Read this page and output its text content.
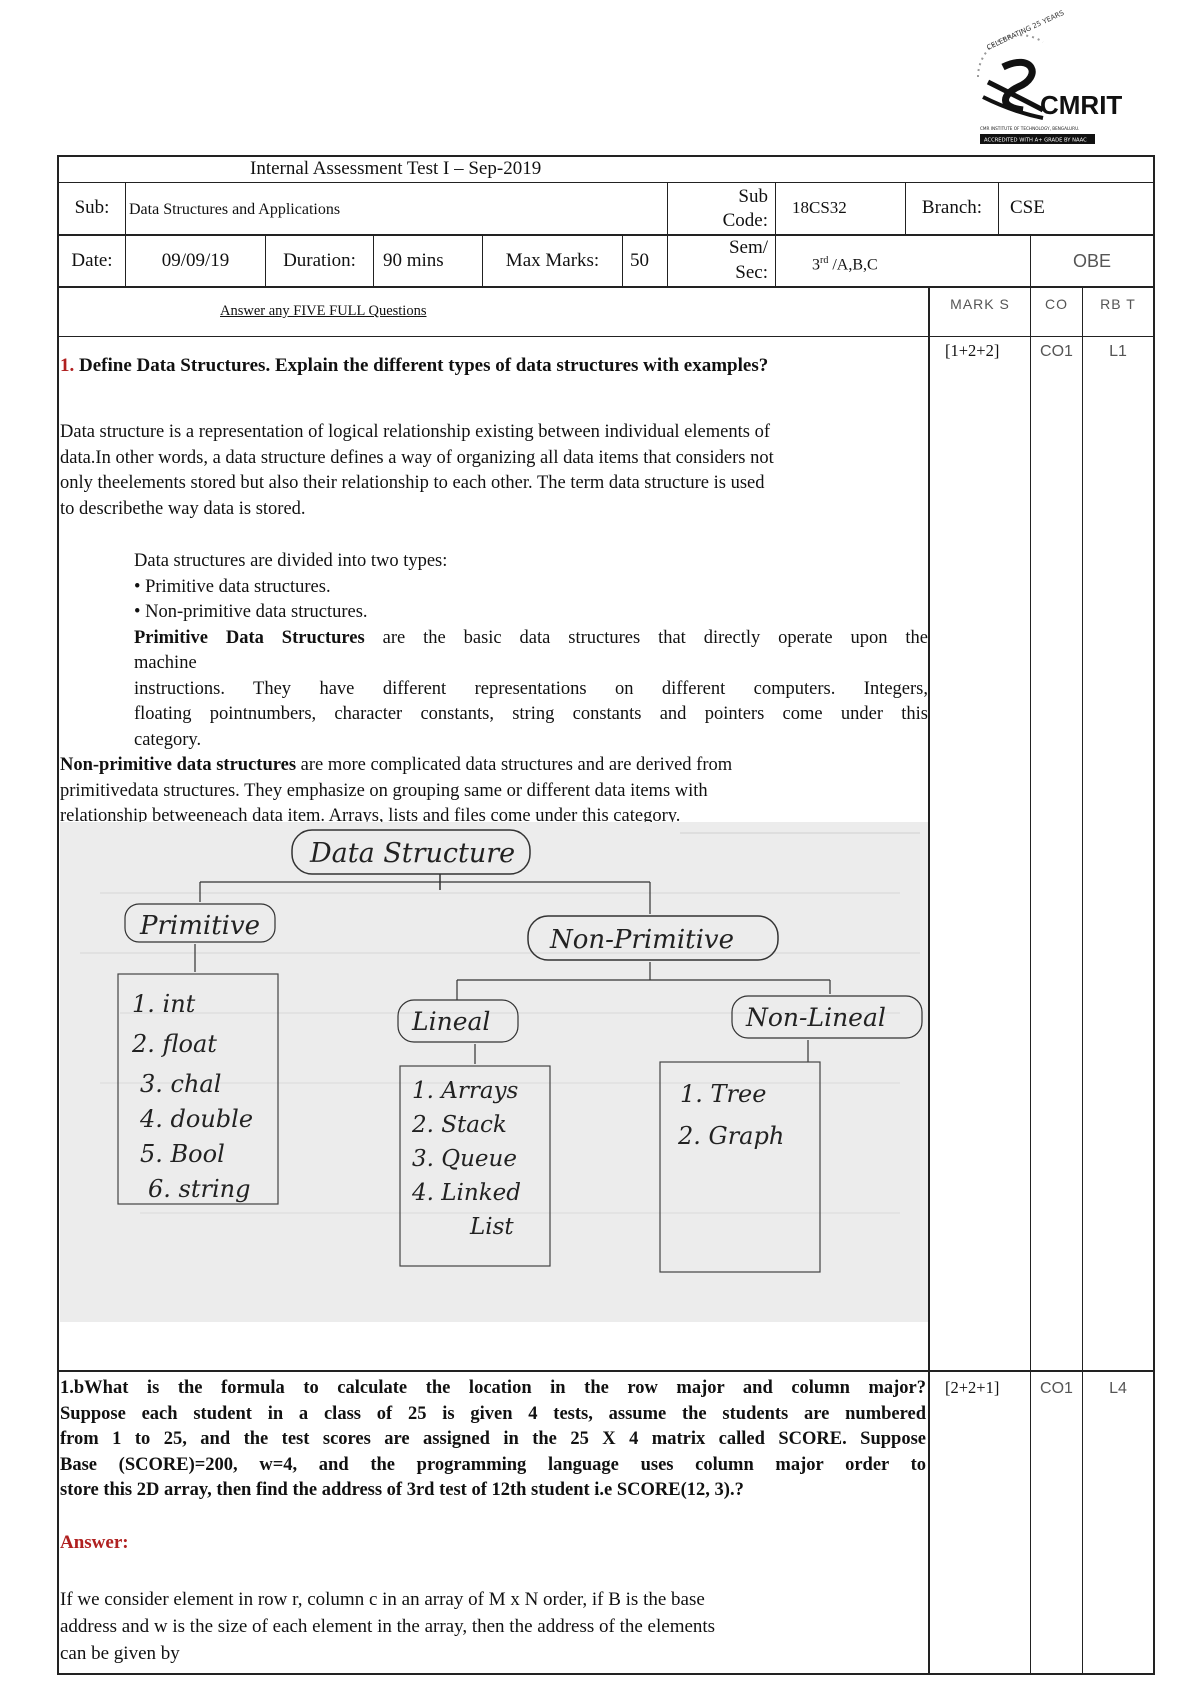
CELEBRATING 25 YEARS
CMRIT
CMR INSTITUTE OF TECHNOLOGY, BENGALURU.
ACCREDITED WITH A+ GRADE BY NAAC
Internal Assessment Test I – Sep-2019
Sub:	Data Structures and Applications
Sub
Code:
18CS32	Branch:	CSE
Date:	09/09/19	Duration:	90 mins	Max Marks:	50
Sem/
Sec:	3rd /A,B,C	OBE
Answer any FIVE FULL Questions	MARK S	CO	RB T
1. Define Data Structures. Explain the different types of data structures with examples?
[1+2+2]	CO1	L1
Data structure is a representation of logical relationship existing between individual elements of
data.In other words, a data structure defines a way of organizing all data items that considers not
only theelements stored but also their relationship to each other. The term data structure is used
to describethe way data is stored.
Data structures are divided into two types:
• Primitive data structures.
• Non-primitive data structures.
Primitive Data Structures are the basic data structures that directly operate upon the
machine
instructions. They have different representations on different computers. Integers,
floating pointnumbers, character constants, string constants and pointers come under this
category.
Non-primitive data structures are more complicated data structures and are derived from
primitivedata structures. They emphasize on grouping same or different data items with
relationship betweeneach data item. Arrays, lists and files come under this category.
Data Structure
Primitive	Non-Primitive
1. int
2. float
3. chal
4. double
5. Bool
6. string
Lineal
1. Arrays
2. Stack
3. Queue
4. Linked
List
Non-Lineal
1. Tree
2. Graph
1.bWhat is the formula to calculate the location in the row major and column major?
Suppose each student in a class of 25 is given 4 tests, assume the students are numbered
from 1 to 25, and the test scores are assigned in the 25 X 4 matrix called SCORE. Suppose
Base (SCORE)=200, w=4, and the programming language uses column major order to
store this 2D array, then find the address of 3rd test of 12th student i.e SCORE(12, 3).?
[2+2+1]	CO1	L4
Answer:
If we consider element in row r, column c in an array of M x N order, if B is the base
address and w is the size of each element in the array, then the address of the elements
can be given by
